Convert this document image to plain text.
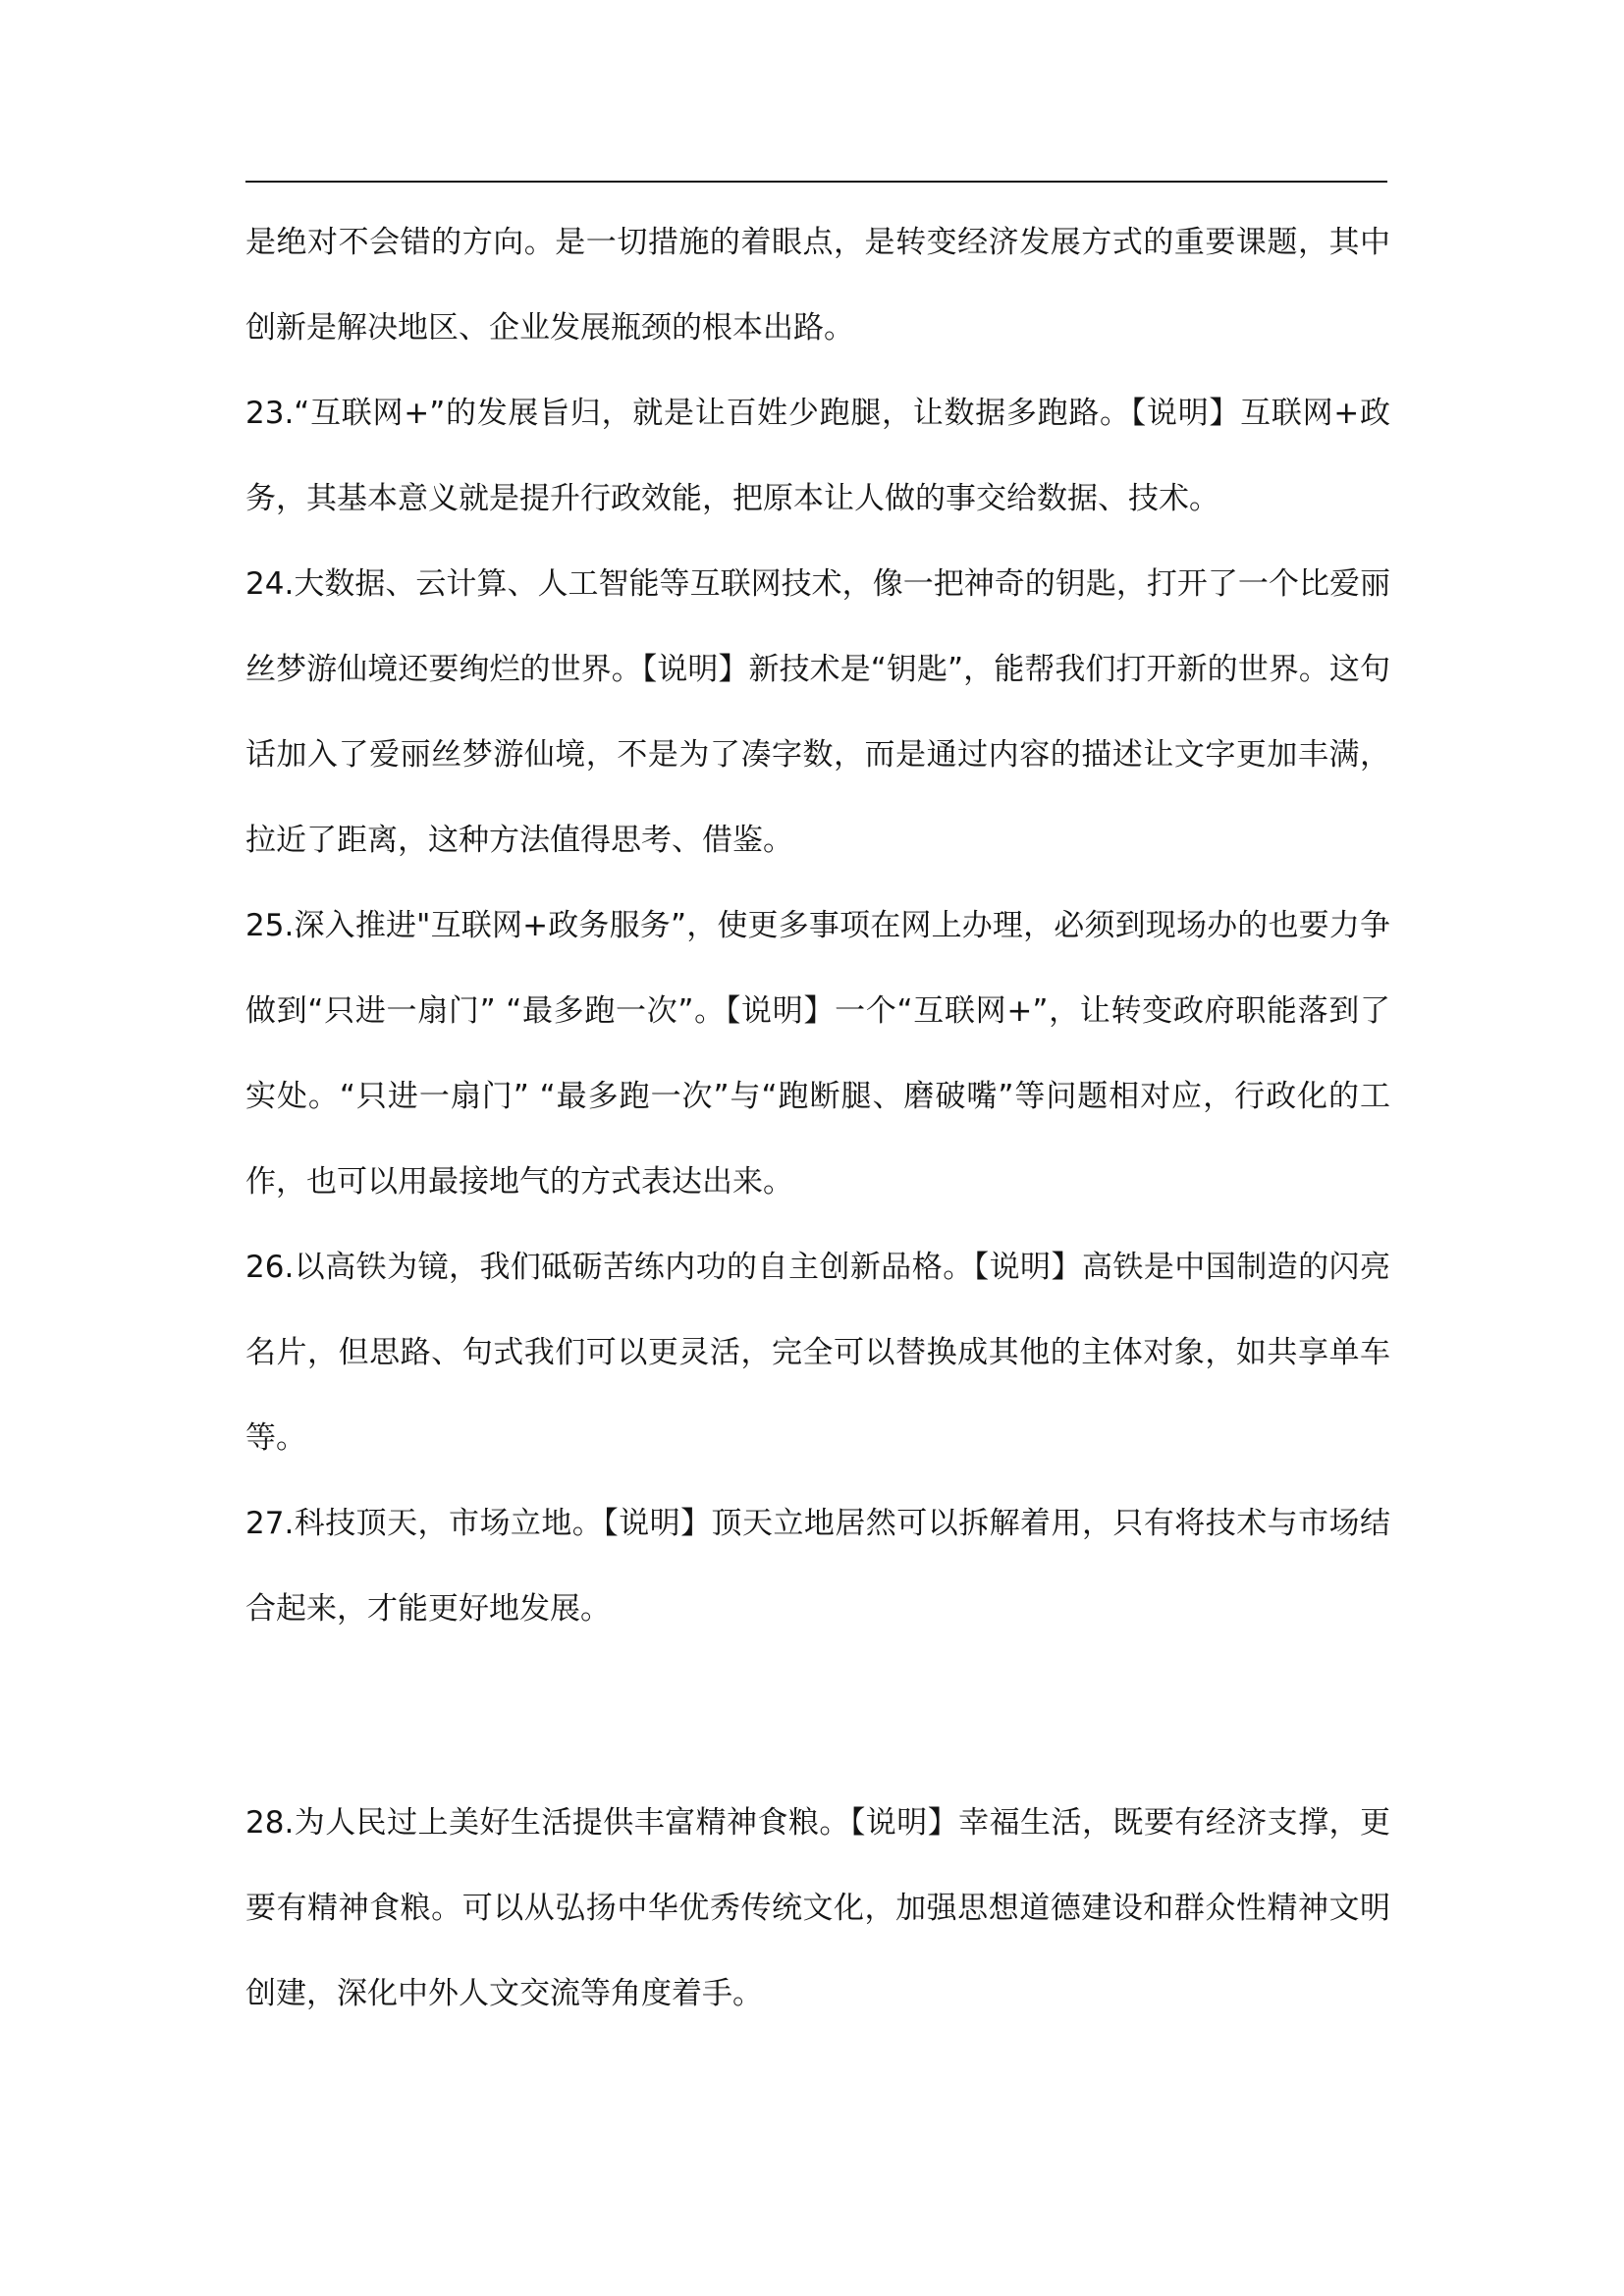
是绝对不会错的方向。是一切措施的着眼点，是转变经济发展方式的重要课题，其中创新是解决地区、企业发展瓶颈的根本出路。

23.“互联网+”的发展旨归，就是让百姓少跑腿，让数据多跑路。【说明】互联网+政务，其基本意义就是提升行政效能，把原本让人做的事交给数据、技术。

24.大数据、云计算、人工智能等互联网技术，像一把神奇的钥匙，打开了一个比爱丽丝梦游仙境还要绚烂的世界。【说明】新技术是“钥匙”，能帮我们打开新的世界。这句话加入了爱丽丝梦游仙境，不是为了凑字数，而是通过内容的描述让文字更加丰满，拉近了距离，这种方法值得思考、借鉴。

25.深入推进"互联网+政务服务”，使更多事项在网上办理，必须到现场办的也要力争做到“只进一扇门” “最多跑一次”。【说明】一个“互联网+”，让转变政府职能落到了实处。“只进一扇门” “最多跑一次”与“跑断腿、磨破嘴”等问题相对应，行政化的工作，也可以用最接地气的方式表达出来。

26.以高铁为镜，我们砥砺苦练内功的自主创新品格。【说明】高铁是中国制造的闪亮名片，但思路、句式我们可以更灵活，完全可以替换成其他的主体对象，如共享单车等。

27.科技顶天，市场立地。【说明】顶天立地居然可以拆解着用，只有将技术与市场结合起来，才能更好地发展。

28.为人民过上美好生活提供丰富精神食粮。【说明】幸福生活，既要有经济支撑，更要有精神食粮。可以从弘扬中华优秀传统文化，加强思想道德建设和群众性精神文明创建，深化中外人文交流等角度着手。
